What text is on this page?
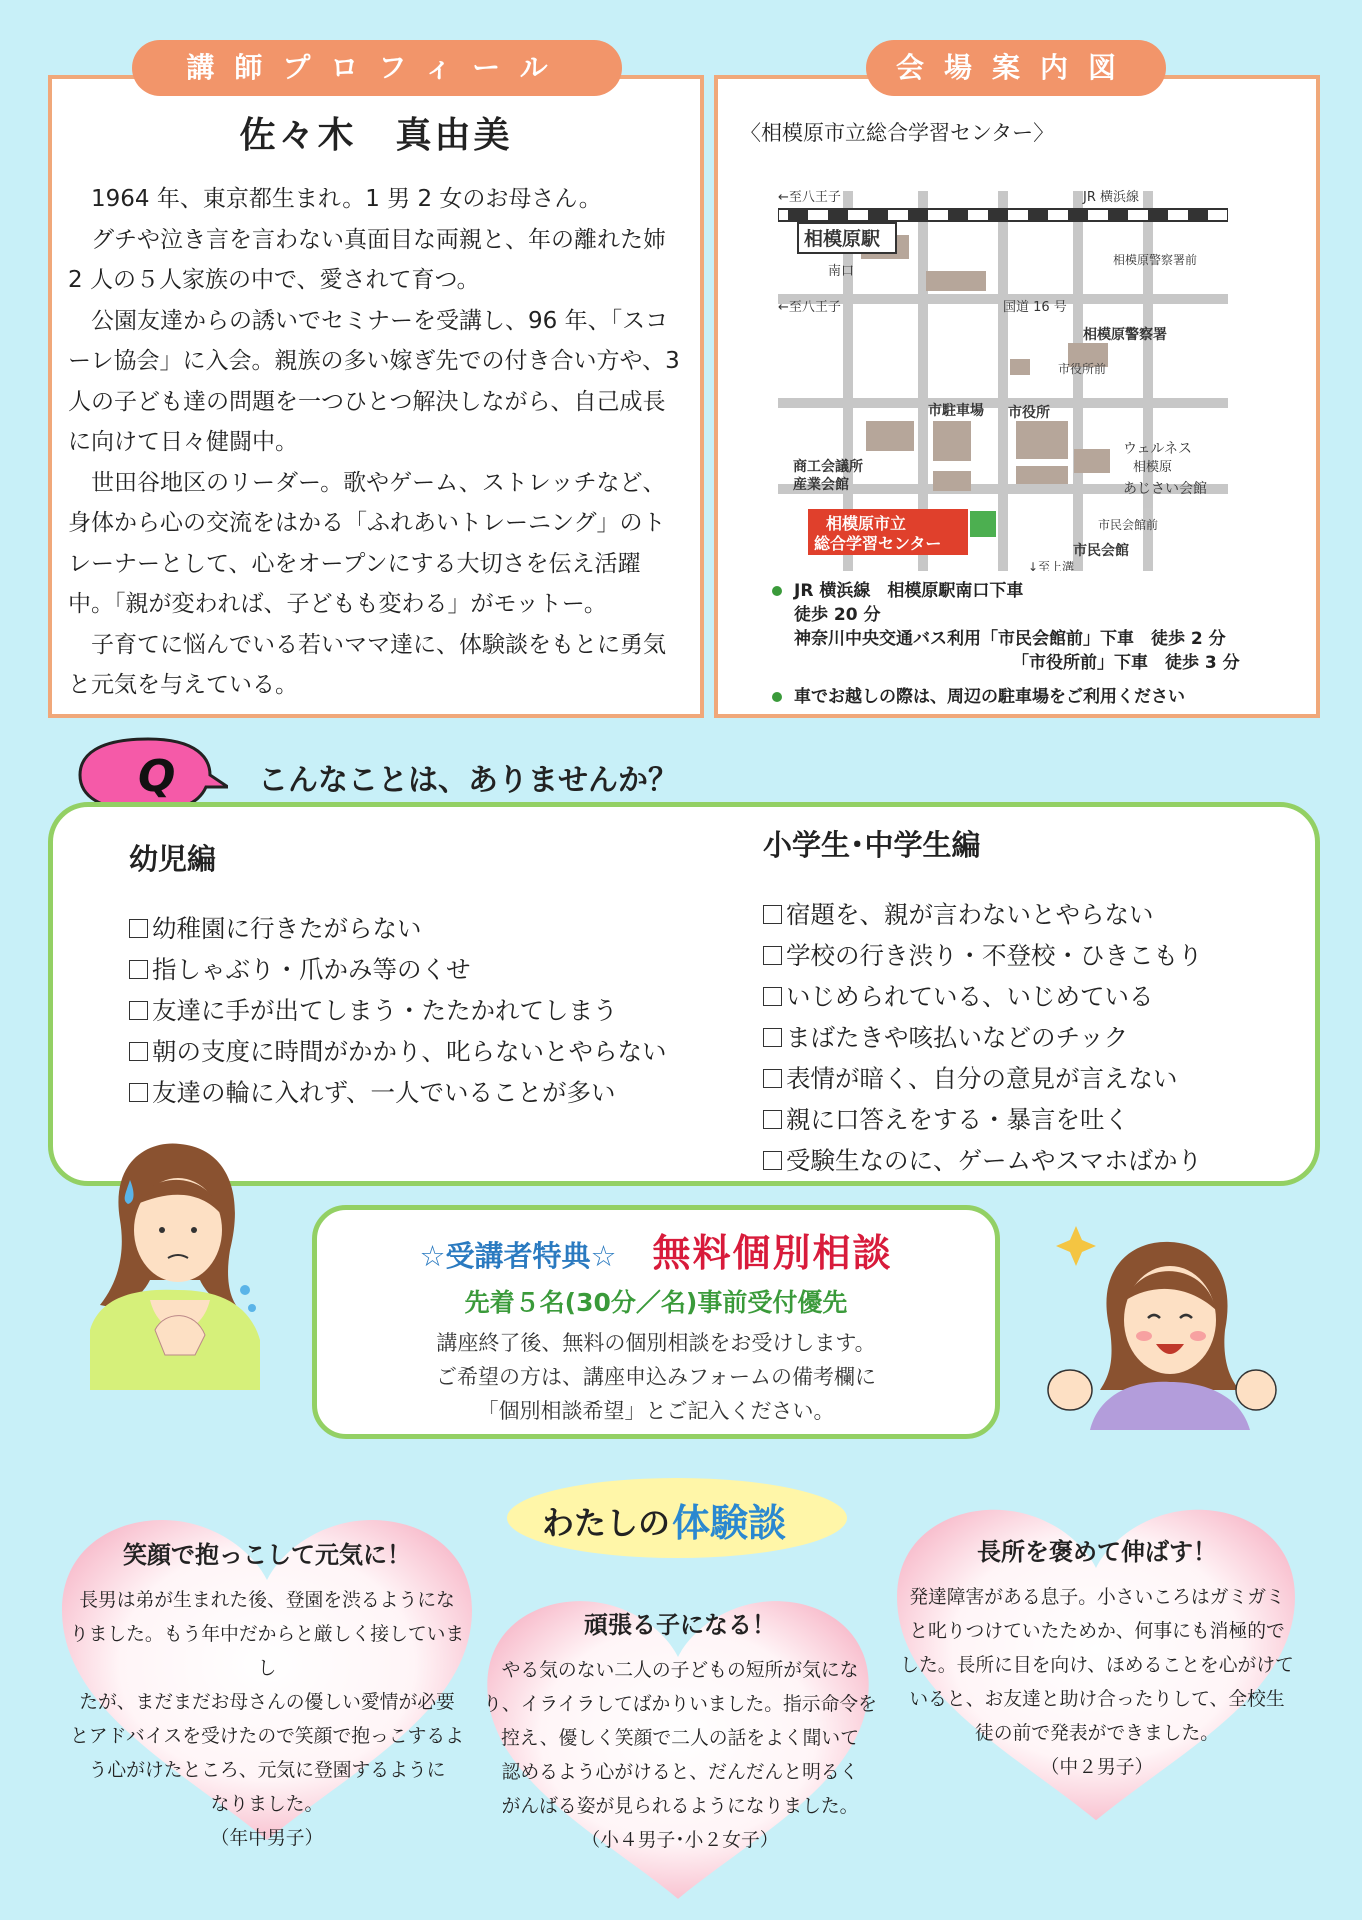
佐々木　真由美

1964 年、東京都生まれ。1 男 2 女のお母さん。

グチや泣き言を言わない真面目な両親と、年の離れた姉 2 人の５人家族の中で、愛されて育つ。

公園友達からの誘いでセミナーを受講し、96 年、「スコーレ協会」に入会。親族の多い嫁ぎ先での付き合い方や、3 人の子ども達の問題を一つひとつ解決しながら、自己成長に向けて日々健闘中。

世田谷地区のリーダー。歌やゲーム、ストレッチなど、身体から心の交流をはかる「ふれあいトレーニング」のトレーナーとして、心をオープンにする大切さを伝え活躍中。「親が変われば、子どもも変わる」がモットー。

子育てに悩んでいる若いママ達に、体験談をもとに勇気と元気を与えている。

講師プロフィール
〈相模原市立総合学習センター〉
←至八王子	JR 横浜線
相模原駅
南口
相模原警察署前
←至八王子	国道 16 号
相模原警察署
市役所前
市駐車場 市役所
ウェルネス
相模原
あじさい会館
商工会議所
産業会館
市民会館前
相模原市立
総合学習センター	市民会館
↓至上溝
JR 横浜線　相模原駅南口下車
徒歩 20 分
神奈川中央交通バス利用「市民会館前」下車　徒歩 2 分
「市役所前」下車　徒歩 3 分
車でお越しの際は、周辺の駐車場をご利用ください
会場案内図
Q	こんなことは、ありませんか？
幼児編
幼稚園に行きたがらない
指しゃぶり・爪かみ等のくせ
友達に手が出てしまう・たたかれてしまう
朝の支度に時間がかかり、叱らないとやらない
友達の輪に入れず、一人でいることが多い
小学生･中学生編
宿題を、親が言わないとやらない
学校の行き渋り・不登校・ひきこもり
いじめられている、いじめている
まばたきや咳払いなどのチック
表情が暗く、自分の意見が言えない
親に口答えをする・暴言を吐く
受験生なのに、ゲームやスマホばかり
☆受講者特典☆ 無料個別相談
先着５名(30分／名)事前受付優先
講座終了後、無料の個別相談をお受けします。
ご希望の方は、講座申込みフォームの備考欄に
「個別相談希望」とご記入ください。
わたしの 体験談
笑顔で抱っこして元気に！

長男は弟が生まれた後、登園を渋るようにな

りました。もう年中だからと厳しく接していまし

たが、まだまだお母さんの優しい愛情が必要

とアドバイスを受けたので笑顔で抱っこするよ

う心がけたところ、元気に登園するように

なりました。

（年中男子）

頑張る子になる！

やる気のない二人の子どもの短所が気にな

り、イライラしてばかりいました。指示命令を

控え、優しく笑顔で二人の話をよく聞いて

認めるよう心がけると、だんだんと明るく

がんばる姿が見られるようになりました。

（小４男子･小２女子）

長所を褒めて伸ばす！

発達障害がある息子。小さいころはガミガミ

と叱りつけていたためか、何事にも消極的で

した。長所に目を向け、ほめることを心がけて

いると、お友達と助け合ったりして、全校生

徒の前で発表ができました。

（中２男子）
